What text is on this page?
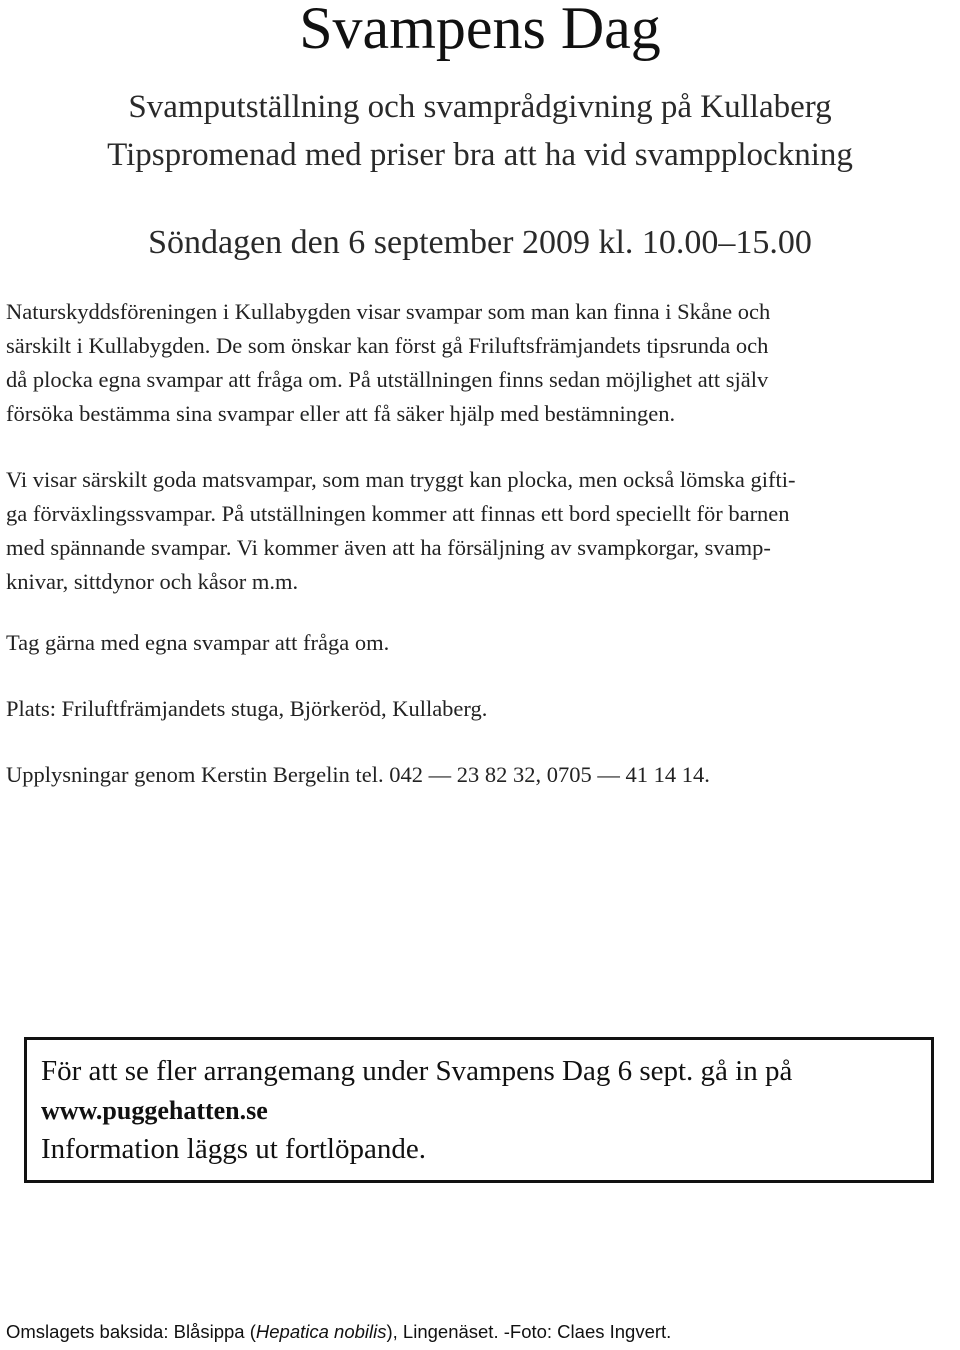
Svampens Dag
Svamputställning och svamprådgivning på Kullaberg
Tipspromenad med priser bra att ha vid svampplockning
Söndagen den 6 september 2009 kl. 10.00–15.00

Naturskyddsföreningen i Kullabygden visar svampar som man kan finna i Skåne och
särskilt i Kullabygden. De som önskar kan först gå Friluftsfrämjandets tipsrunda och
då plocka egna svampar att fråga om. På utställningen finns sedan möjlighet att själv
försöka bestämma sina svampar eller att få säker hjälp med bestämningen.

Vi visar särskilt goda matsvampar, som man tryggt kan plocka, men också lömska gifti-
ga förväxlingssvampar. På utställningen kommer att finnas ett bord speciellt för barnen
med spännande svampar. Vi kommer även att ha försäljning av svampkorgar, svamp-
knivar, sittdynor och kåsor m.m.

Tag gärna med egna svampar att fråga om.
Plats: Friluftfrämjandets stuga, Björkeröd, Kullaberg.
Upplysningar genom Kerstin Bergelin tel. 042 — 23 82 32, 0705 — 41 14 14.
För att se fler arrangemang under Svampens Dag 6 sept. gå in på
www.puggehatten.se
Information läggs ut fortlöpande.
Omslagets baksida: Blåsippa (Hepatica nobilis), Lingenäset. -Foto: Claes Ingvert.
